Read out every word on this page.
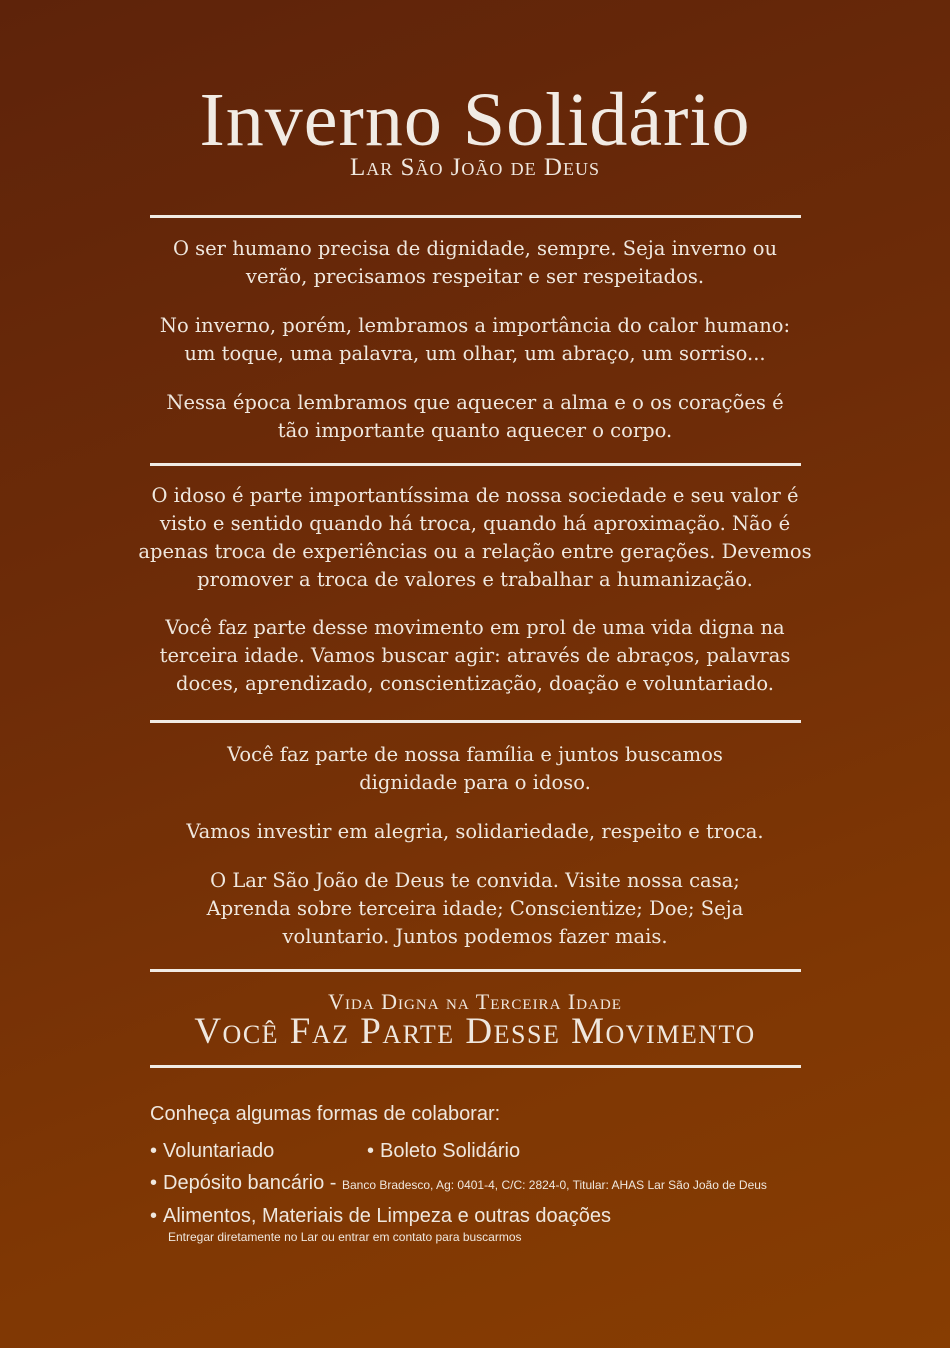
Inverno Solidário
Lar São João de Deus
O ser humano precisa de dignidade, sempre. Seja inverno ou
verão, precisamos respeitar e ser respeitados.
No inverno, porém, lembramos a importância do calor humano:
um toque, uma palavra, um olhar, um abraço, um sorriso...
Nessa época lembramos que aquecer a alma e o os corações é
tão importante quanto aquecer o corpo.
O idoso é parte importantíssima de nossa sociedade e seu valor é
visto e sentido quando há troca, quando há aproximação. Não é
apenas troca de experiências ou a relação entre gerações. Devemos
promover a troca de valores e trabalhar a humanização.
Você faz parte desse movimento em prol de uma vida digna na
terceira idade. Vamos buscar agir: através de abraços, palavras
doces, aprendizado, conscientização, doação e voluntariado.
Você faz parte de nossa família e juntos buscamos
dignidade para o idoso.
Vamos investir em alegria, solidariedade, respeito e troca.
O Lar São João de Deus te convida. Visite nossa casa;
Aprenda sobre terceira idade; Conscientize; Doe; Seja
voluntario. Juntos podemos fazer mais.
Vida Digna na Terceira Idade
Você Faz Parte Desse Movimento
Conheça algumas formas de colaborar:
• Voluntariado	• Boleto Solidário
• Depósito bancário - Banco Bradesco, Ag: 0401-4, C/C: 2824-0, Titular: AHAS Lar São João de Deus
• Alimentos, Materiais de Limpeza e outras doações
Entregar diretamente no Lar ou entrar em contato para buscarmos
